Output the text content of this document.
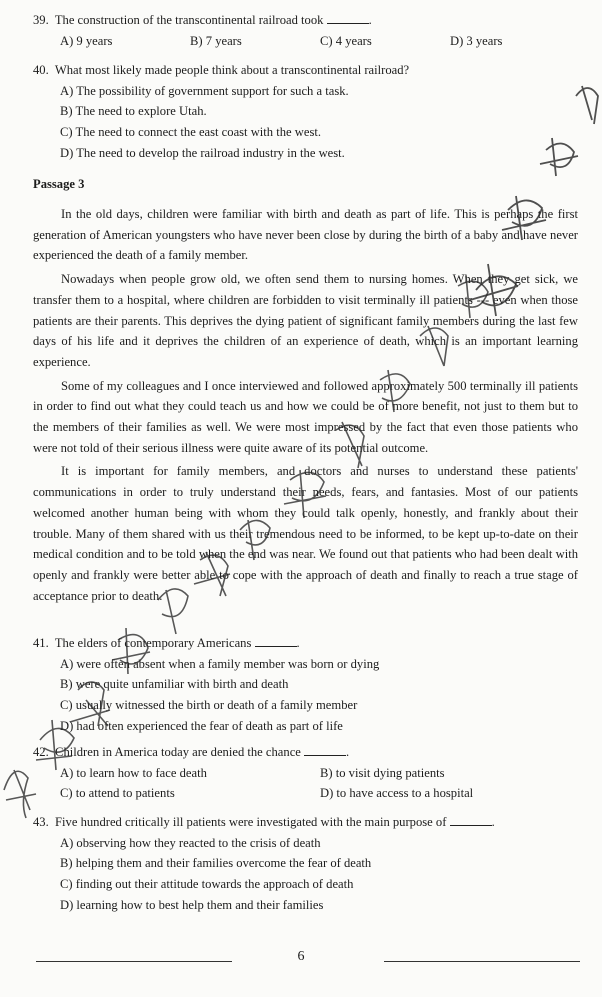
39. The construction of the transcontinental railroad took	.
A) 9 years	B) 7 years	C) 4 years	D) 3 years
40. What most likely made people think about a transcontinental railroad?
A) The possibility of government support for such a task.
B) The need to explore Utah.
C) The need to connect the east coast with the west.
D) The need to develop the railroad industry in the west.
Passage 3

In the old days, children were familiar with birth and death as part of life. This is perhaps the first generation of American youngsters who have never been close by during the birth of a baby and have never experienced the death of a family member.

Nowadays when people grow old, we often send them to nursing homes. When they get sick, we transfer them to a hospital, where children are forbidden to visit terminally ill patients --- even when those patients are their parents. This deprives the dying patient of significant family members during the last few days of his life and it deprives the children of an experience of death, which is an important learning experience.

Some of my colleagues and I once interviewed and followed approximately 500 terminally ill patients in order to find out what they could teach us and how we could be of more benefit, not just to them but to the members of their families as well. We were most impressed by the fact that even those patients who were not told of their serious illness were quite aware of its potential outcome.

It is important for family members, and doctors and nurses to understand these patients' communications in order to truly understand their needs, fears, and fantasies. Most of our patients welcomed another human being with whom they could talk openly, honestly, and frankly about their trouble. Many of them shared with us their tremendous need to be informed, to be kept up-to-date on their medical condition and to be told when the end was near. We found out that patients who had been dealt with openly and frankly were better able to cope with the approach of death and finally to reach a true stage of acceptance prior to death.

41. The elders of contemporary Americans	.
A) were often absent when a family member was born or dying
B) were quite unfamiliar with birth and death
C) usually witnessed the birth or death of a family member
D) had often experienced the fear of death as part of life
42. Children in America today are denied the chance	.
A) to learn how to face death	B) to visit dying patients
C) to attend to patients	D) to have access to a hospital
43. Five hundred critically ill patients were investigated with the main purpose of	.
A) observing how they reacted to the crisis of death
B) helping them and their families overcome the fear of death
C) finding out their attitude towards the approach of death
D) learning how to best help them and their families
6
